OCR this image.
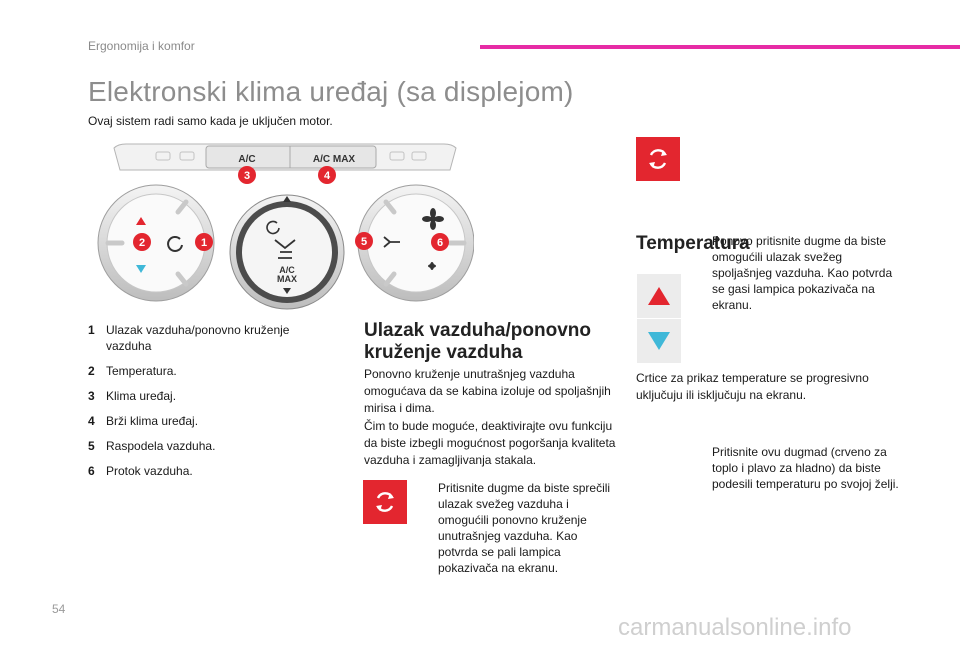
Ergonomija i komfor
Elektronski klima uređaj (sa displejom)
Ovaj sistem radi samo kada je uključen motor.
A/C	A/C MAX
A/C
MAX
1
2
3	4
5	6
1 Ulazak vazduha/ponovno kruženje vazduha
2 Temperatura.
3 Klima uređaj.
4 Brži klima uređaj.
5 Raspodela vazduha.
6 Protok vazduha.
Ulazak vazduha/ponovno kruženje vazduha
Ponovno kruženje unutrašnjeg vazduha omogućava da se kabina izoluje od spoljašnjih mirisa i dima.
Čim to bude moguće, deaktivirajte ovu funkciju da biste izbegli mogućnost pogoršanja kvaliteta vazduha i zamagljivanja stakala.
Pritisnite dugme da biste sprečili ulazak svežeg vazduha i omogućili ponovno kruženje unutrašnjeg vazduha. Kao potvrda se pali lampica pokazivača na ekranu.
Ponovo pritisnite dugme da biste omogućili ulazak svežeg spoljašnjeg vazduha. Kao potvrda se gasi lampica pokazivača na ekranu.
Temperatura
Pritisnite ovu dugmad (crveno za toplo i plavo za hladno) da biste podesili temperaturu po svojoj želji.
Crtice za prikaz temperature se progresivno uključuju ili isključuju na ekranu.
54
carmanualsonline.info
